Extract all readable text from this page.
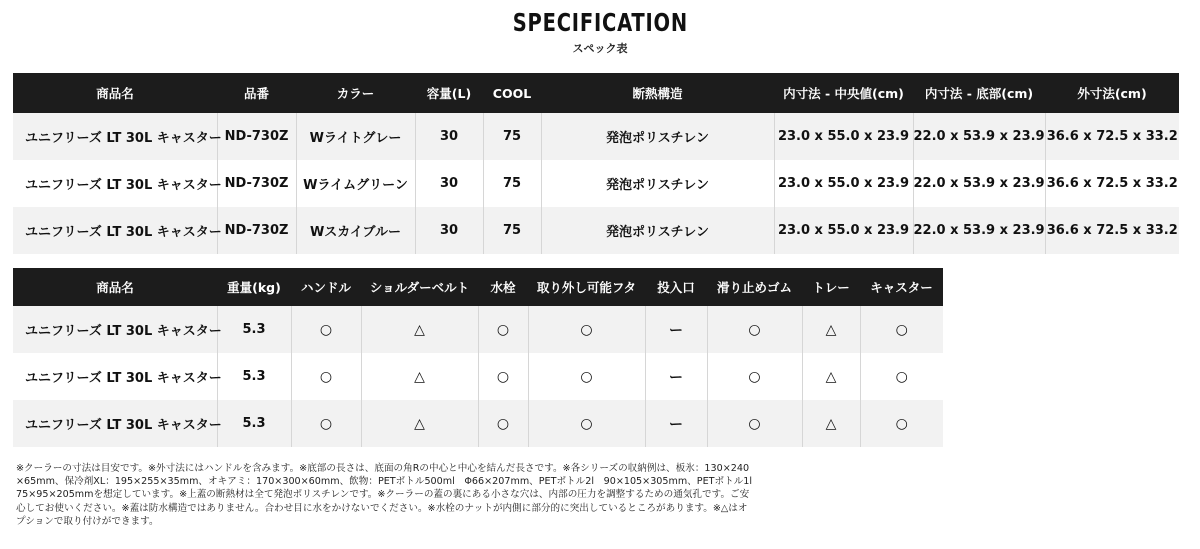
SPECIFICATION
スペック表
商品名	品番	カラー	容量(L)	COOL	断熱構造	内寸法 - 中央値(cm)	内寸法 - 底部(cm)	外寸法(cm)
ユニフリーズ LT 30L キャスター	ND-730Z	Wライトグレー	30	75	発泡ポリスチレン	23.0 x 55.0 x 23.9	22.0 x 53.9 x 23.9	36.6 x 72.5 x 33.2
ユニフリーズ LT 30L キャスター	ND-730Z	Wライムグリーン	30	75	発泡ポリスチレン	23.0 x 55.0 x 23.9	22.0 x 53.9 x 23.9	36.6 x 72.5 x 33.2
ユニフリーズ LT 30L キャスター	ND-730Z	Wスカイブルー	30	75	発泡ポリスチレン	23.0 x 55.0 x 23.9	22.0 x 53.9 x 23.9	36.6 x 72.5 x 33.2
商品名	重量(kg)	ハンドル	ショルダーベルト	水栓	取り外し可能フタ	投入口	滑り止めゴム	トレー	キャスター
ユニフリーズ LT 30L キャスター	5.3	○	△	○	○	ー	○	△	○
ユニフリーズ LT 30L キャスター	5.3	○	△	○	○	ー	○	△	○
ユニフリーズ LT 30L キャスター	5.3	○	△	○	○	ー	○	△	○
※クーラーの寸法は目安です。※外寸法にはハンドルを含みます。※底部の長さは、底面の角Rの中心と中心を結んだ長さです。※各シリーズの収納例は、板氷：130×240×65mm、保冷剤XL：195×255×35mm、オキアミ：170×300×60mm、飲物：PETボトル500ml　Φ66×207mm、PETボトル2l　90×105×305mm、PETボトル1l　75×95×205mmを想定しています。※上蓋の断熱材は全て発泡ポリスチレンです。※クーラーの蓋の裏にある小さな穴は、内部の圧力を調整するための通気孔です。ご安心してお使いください。※蓋は防水構造ではありません。合わせ目に水をかけないでください。※水栓のナットが内側に部分的に突出しているところがあります。※△はオプションで取り付けができます。
